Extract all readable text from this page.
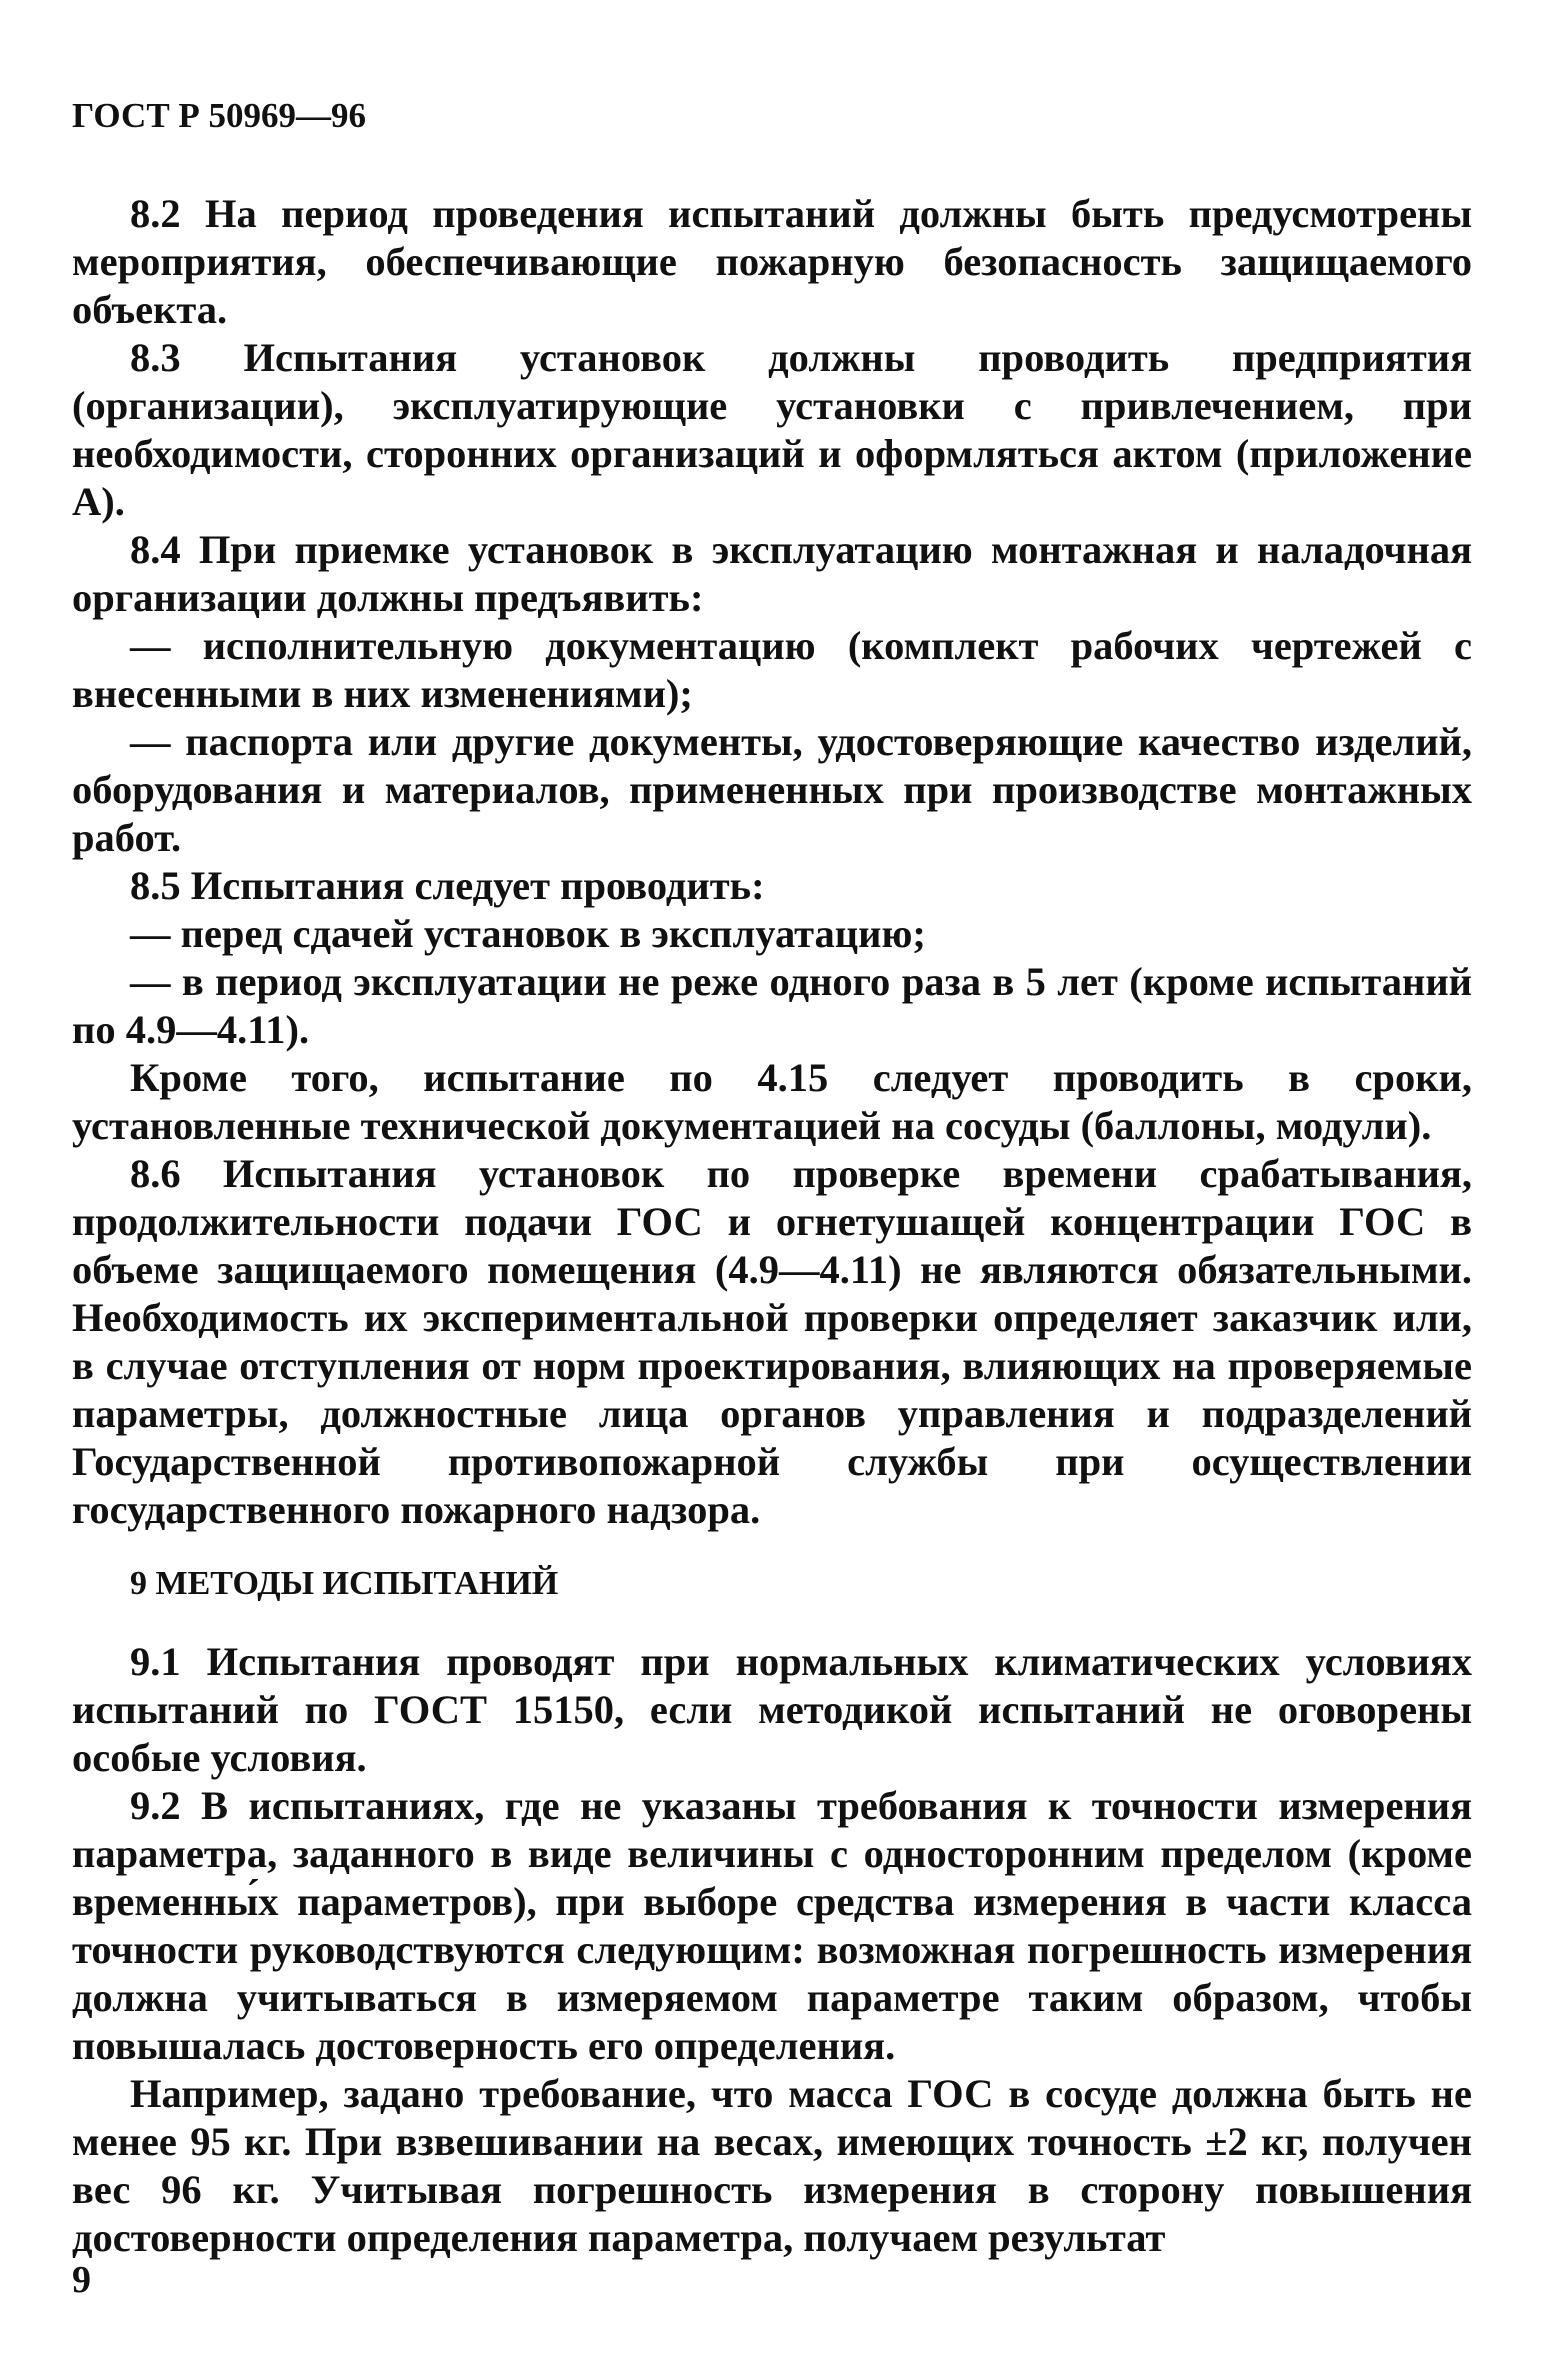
ГОСТ Р 50969—96

8.2 На период проведения испытаний должны быть предусмотрены мероприятия, обеспечивающие пожарную безопасность защищаемого объекта.

8.3 Испытания установок должны проводить предприятия (организации), эксплуатирующие установки с привлечением, при необходимости, сторонних организаций и оформляться актом (приложение А).

8.4 При приемке установок в эксплуатацию монтажная и наладочная организации должны предъявить:

— исполнительную документацию (комплект рабочих чертежей с внесенными в них изменениями);

— паспорта или другие документы, удостоверяющие качество изделий, оборудования и материалов, примененных при производстве монтажных работ.

8.5 Испытания следует проводить:

— перед сдачей установок в эксплуатацию;

— в период эксплуатации не реже одного раза в 5 лет (кроме испытаний по 4.9—4.11).

Кроме того, испытание по 4.15 следует проводить в сроки, установленные технической документацией на сосуды (баллоны, модули).

8.6 Испытания установок по проверке времени срабатывания, продолжительности подачи ГОС и огнетушащей концентрации ГОС в объеме защищаемого помещения (4.9—4.11) не являются обязательными. Необходимость их экспериментальной проверки определяет заказчик или, в случае отступления от норм проектирования, влияющих на проверяемые параметры, должностные лица органов управления и подразделений Государственной противопожарной службы при осуществлении государственного пожарного надзора.

9 МЕТОДЫ ИСПЫТАНИЙ

9.1 Испытания проводят при нормальных климатических условиях испытаний по ГОСТ 15150, если методикой испытаний не оговорены особые условия.

9.2 В испытаниях, где не указаны требования к точности измерения параметра, заданного в виде величины с односторонним пределом (кроме временны́х параметров), при выборе средства измерения в части класса точности руководствуются следующим: возможная погрешность измерения должна учитываться в измеряемом параметре таким образом, чтобы повышалась достоверность его определения.

Например, задано требование, что масса ГОС в сосуде должна быть не менее 95 кг. При взвешивании на весах, имеющих точность ±2 кг, получен вес 96 кг. Учитывая погрешность измерения в сторону повышения достоверности определения параметра, получаем результат

9
